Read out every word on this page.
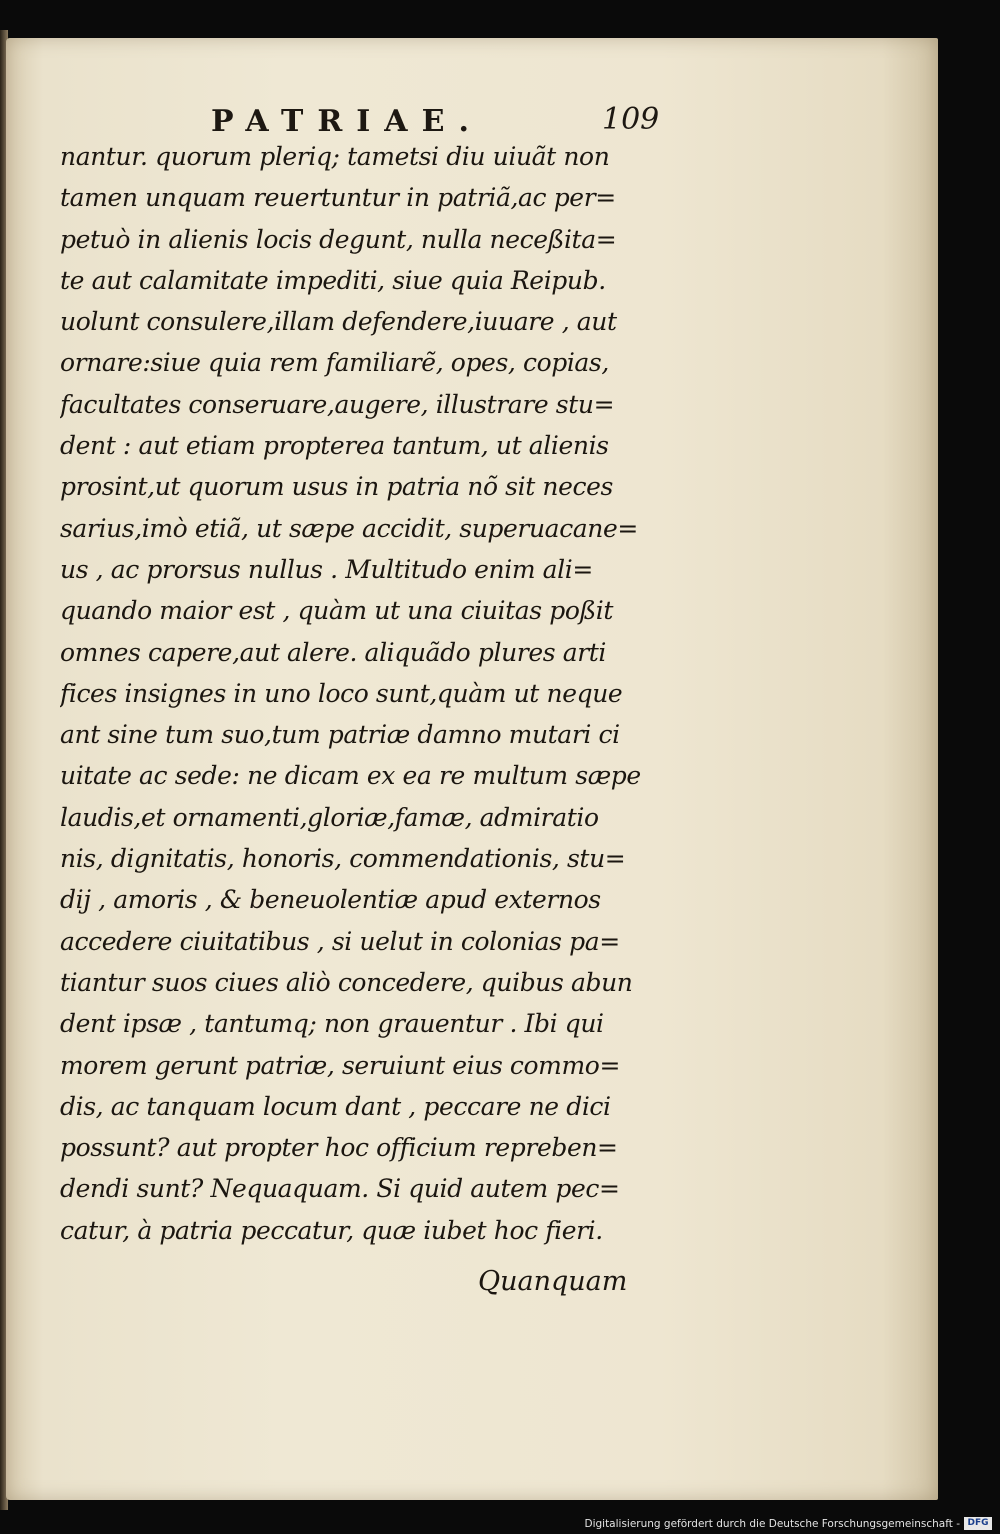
PATRIAE.	109
nantur. quorum pleriq; tametsi diu uiuãt non
tamen unquam reuertuntur in patriã,ac per=
petuò in alienis locis degunt, nulla neceßita=
te aut calamitate impediti, siue quia Reipub.
uolunt consulere,illam defendere,iuuare , aut
ornare:siue quia rem familiarẽ, opes, copias,
facultates conseruare,augere, illustrare stu=
dent : aut etiam propterea tantum, ut alienis
prosint,ut quorum usus in patria nõ sit neces
sarius,imò etiã, ut sæpe accidit, superuacane=
us , ac prorsus nullus . Multitudo enim ali=
quando maior est , quàm ut una ciuitas poßit
omnes capere,aut alere. aliquãdo plures arti
fices insignes in uno loco sunt,quàm ut neque
ant sine tum suo,tum patriæ damno mutari ci
uitate ac sede: ne dicam ex ea re multum sæpe
laudis,et ornamenti,gloriæ,famæ, admiratio
nis, dignitatis, honoris, commendationis, stu=
dij , amoris , & beneuolentiæ apud externos
accedere ciuitatibus , si uelut in colonias pa=
tiantur suos ciues aliò concedere, quibus abun
dent ipsæ , tantumq; non grauentur . Ibi qui
morem gerunt patriæ, seruiunt eius commo=
dis, ac tanquam locum dant , peccare ne dici
possunt? aut propter hoc officium repreben=
dendi sunt? Nequaquam. Si quid autem pec=
catur, à patria peccatur, quæ iubet hoc fieri.
Quanquam
Digitalisierung gefördert durch die Deutsche Forschungsgemeinschaft - DFG
